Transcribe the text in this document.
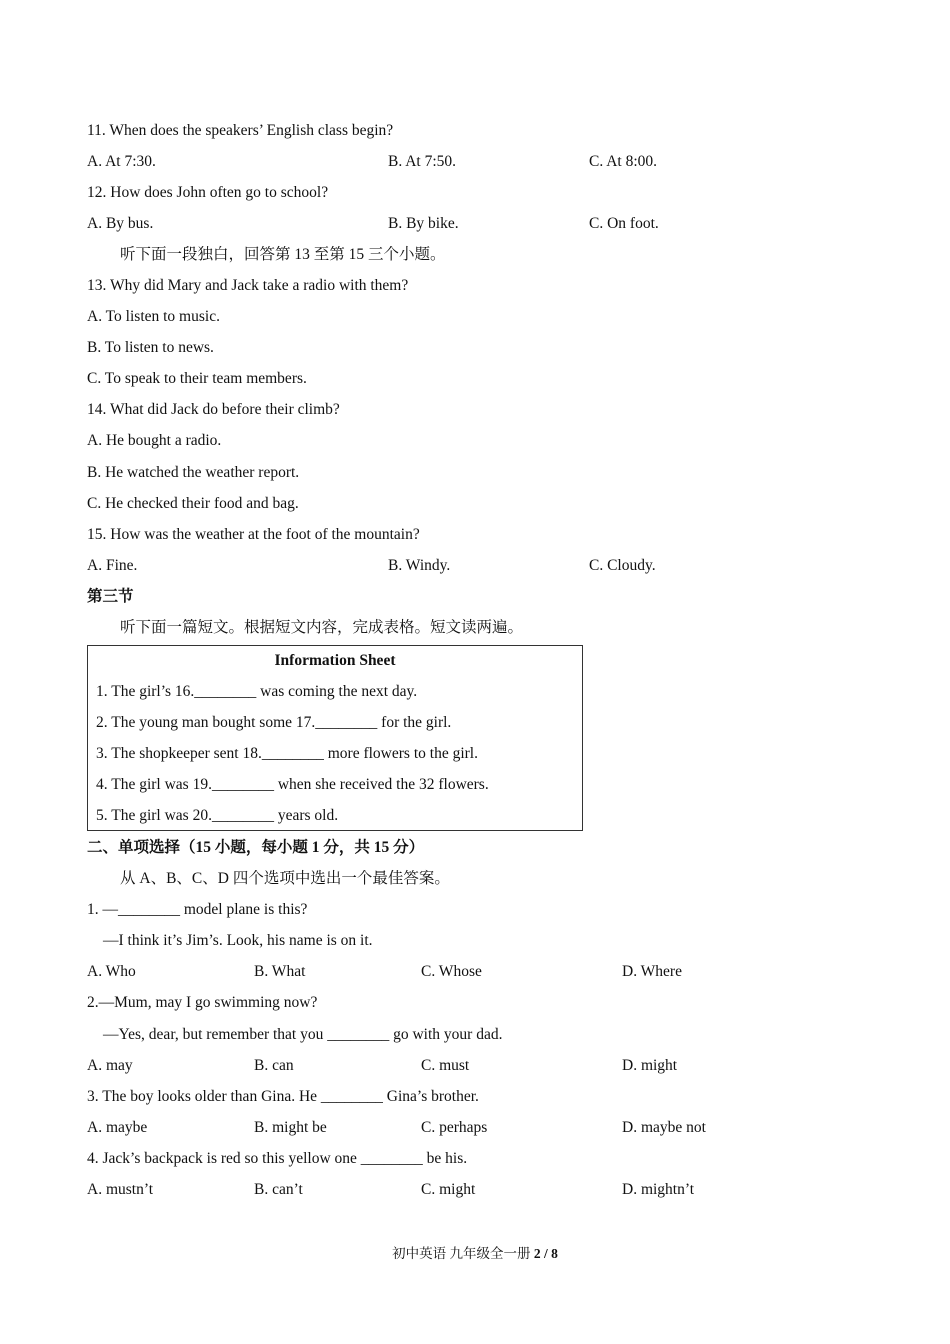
11. When does the speakers’ English class begin?
A. At 7:30.	B. At 7:50.	C. At 8:00.
12. How does John often go to school?
A. By bus.	B. By bike.	C. On foot.
听下面一段独白，回答第 13 至第 15 三个小题。
13. Why did Mary and Jack take a radio with them?
A. To listen to music.
B. To listen to news.
C. To speak to their team members.
14. What did Jack do before their climb?
A. He bought a radio.
B. He watched the weather report.
C. He checked their food and bag.
15. How was the weather at the foot of the mountain?
A. Fine.	B. Windy.	C. Cloudy.
第三节
听下面一篇短文。根据短文内容，完成表格。短文读两遍。
Information Sheet
1. The girl’s 16.________ was coming the next day.
2. The young man bought some 17.________ for the girl.
3. The shopkeeper sent 18.________ more flowers to the girl.
4. The girl was 19.________ when she received the 32 flowers.
5. The girl was 20.________ years old.
二、单项选择（15 小题，每小题 1 分，共 15 分）
从 A、B、C、D 四个选项中选出一个最佳答案。
1. —________ model plane is this?
—I think it’s Jim’s. Look, his name is on it.
A. Who	B. What	C. Whose	D. Where
2.—Mum, may I go swimming now?
—Yes, dear, but remember that you ________ go with your dad.
A. may	B. can	C. must	D. might
3. The boy looks older than Gina. He ________ Gina’s brother.
A. maybe	B. might be	C. perhaps	D. maybe not
4. Jack’s backpack is red so this yellow one ________ be his.
A. mustn’t	B. can’t	C. might	D. mightn’t
初中英语 九年级全一册 2 / 8
